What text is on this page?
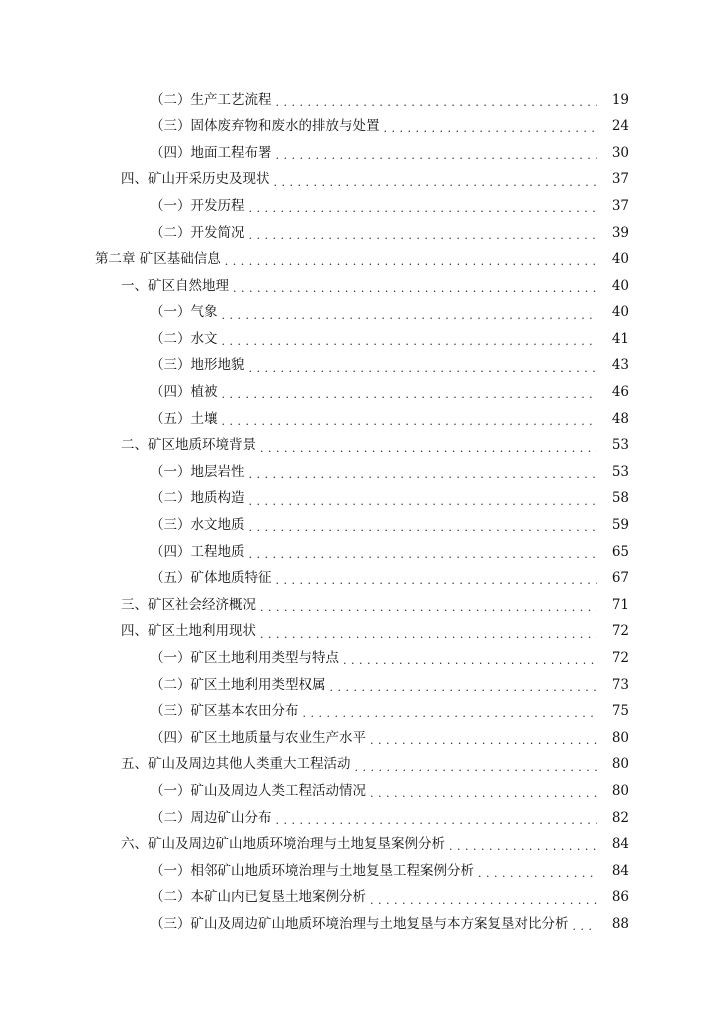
（二）生产工艺流程 . . .	19
（三）固体废弃物和废水的排放与处置 . . .	24
（四）地面工程布署 . . .	30
四、矿山开采历史及现状 . . .	37
（一）开发历程 . . .	37
（二）开发简况 . . .	39
第二章 矿区基础信息 . . .	40
一、矿区自然地理 . . .	40
（一）气象 . . .	40
（二）水文 . . .	41
（三）地形地貌 . . .	43
（四）植被 . . .	46
（五）土壤 . . .	48
二、矿区地质环境背景 . . .	53
（一）地层岩性 . . .	53
（二）地质构造 . . .	58
（三）水文地质 . . .	59
（四）工程地质 . . .	65
（五）矿体地质特征 . . .	67
三、矿区社会经济概况 . . .	71
四、矿区土地利用现状 . . .	72
（一）矿区土地利用类型与特点 . . .	72
（二）矿区土地利用类型权属 . . .	73
（三）矿区基本农田分布 . . .	75
（四）矿区土地质量与农业生产水平 . . .	80
五、矿山及周边其他人类重大工程活动 . . .	80
（一）矿山及周边人类工程活动情况 . . .	80
（二）周边矿山分布 . . .	82
六、矿山及周边矿山地质环境治理与土地复垦案例分析 . . .	84
（一）相邻矿山地质环境治理与土地复垦工程案例分析 . . .	84
（二）本矿山内已复垦土地案例分析 . . .	86
（三）矿山及周边矿山地质环境治理与土地复垦与本方案复垦对比分析 . . .	88
